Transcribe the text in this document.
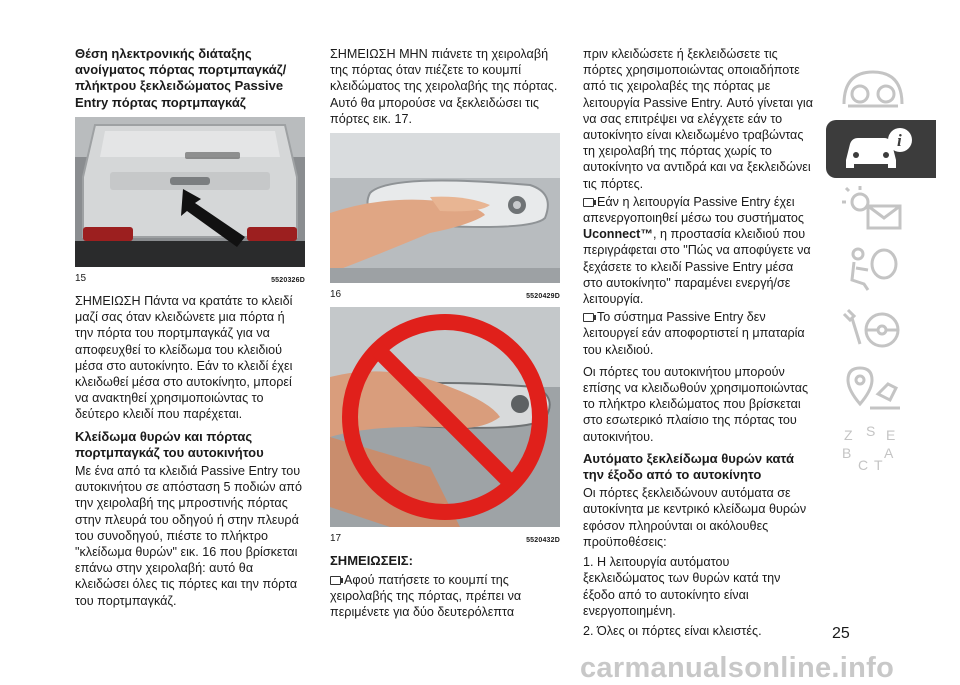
Θέση ηλεκτρονικής διάταξης ανοίγματος πόρτας πορτμπαγκάζ/πλήκτρου ξεκλειδώματος Passive Entry πόρτας πορτμπαγκάζ
15	5520326D

ΣΗΜΕΙΩΣΗ Πάντα να κρατάτε το κλειδί μαζί σας όταν κλειδώνετε μια πόρτα ή την πόρτα του πορτμπαγκάζ για να αποφευχθεί το κλείδωμα του κλειδιού μέσα στο αυτοκίνητο. Εάν το κλειδί έχει κλειδωθεί μέσα στο αυτοκίνητο, μπορεί να ανακτηθεί χρησιμοποιώντας το δεύτερο κλειδί που παρέχεται.

Κλείδωμα θυρών και πόρτας πορτμπαγκάζ του αυτοκινήτου

Με ένα από τα κλειδιά Passive Entry του αυτοκινήτου σε απόσταση 5 ποδιών από την χειρολαβή της μπροστινής πόρτας στην πλευρά του οδηγού ή στην πλευρά του συνοδηγού, πιέστε το πλήκτρο "κλείδωμα θυρών" εικ. 16 που βρίσκεται επάνω στην χειρολαβή: αυτό θα κλειδώσει όλες τις πόρτες και την πόρτα του πορτμπαγκάζ.

ΣΗΜΕΙΩΣΗ ΜΗΝ πιάνετε τη χειρολαβή της πόρτας όταν πιέζετε το κουμπί κλειδώματος της χειρολαβής της πόρτας. Αυτό θα μπορούσε να ξεκλειδώσει τις πόρτες εικ. 17.

16	5520429D
17	5520432D
ΣΗΜΕΙΩΣΕΙΣ:

Αφού πατήσετε το κουμπί της χειρολαβής της πόρτας, πρέπει να περιμένετε για δύο δευτερόλεπτα

πριν κλειδώσετε ή ξεκλειδώσετε τις πόρτες χρησιμοποιώντας οποιαδήποτε από τις χειρολαβές της πόρτας με λειτουργία Passive Entry. Αυτό γίνεται για να σας επιτρέψει να ελέγχετε εάν το αυτοκίνητο είναι κλειδωμένο τραβώντας τη χειρολαβή της πόρτας χωρίς το αυτοκίνητο να αντιδρά και να ξεκλειδώνει τις πόρτες.

Εάν η λειτουργία Passive Entry έχει απενεργοποιηθεί μέσω του συστήματος Uconnect™, η προστασία κλειδιού που περιγράφεται στο "Πώς να αποφύγετε να ξεχάσετε το κλειδί Passive Entry μέσα στο αυτοκίνητο" παραμένει ενεργή/σε λειτουργία.

Το σύστημα Passive Entry δεν λειτουργεί εάν αποφορτιστεί η μπαταρία του κλειδιού.

Οι πόρτες του αυτοκινήτου μπορούν επίσης να κλειδωθούν χρησιμοποιώντας το πλήκτρο κλειδώματος που βρίσκεται στο εσωτερικό πλαίσιο της πόρτας του αυτοκινήτου.

Αυτόματο ξεκλείδωμα θυρών κατά την έξοδο από το αυτοκίνητο

Οι πόρτες ξεκλειδώνουν αυτόματα σε αυτοκίνητα με κεντρικό κλείδωμα θυρών εφόσον πληρούνται οι ακόλουθες προϋποθέσεις:

1. Η λειτουργία αυτόματου ξεκλειδώματος των θυρών κατά την έξοδο από το αυτοκίνητο είναι ενεργοποιημένη.

2. Όλες οι πόρτες είναι κλειστές.

i
Z S E
B A
C T
25
carmanualsonline.info
